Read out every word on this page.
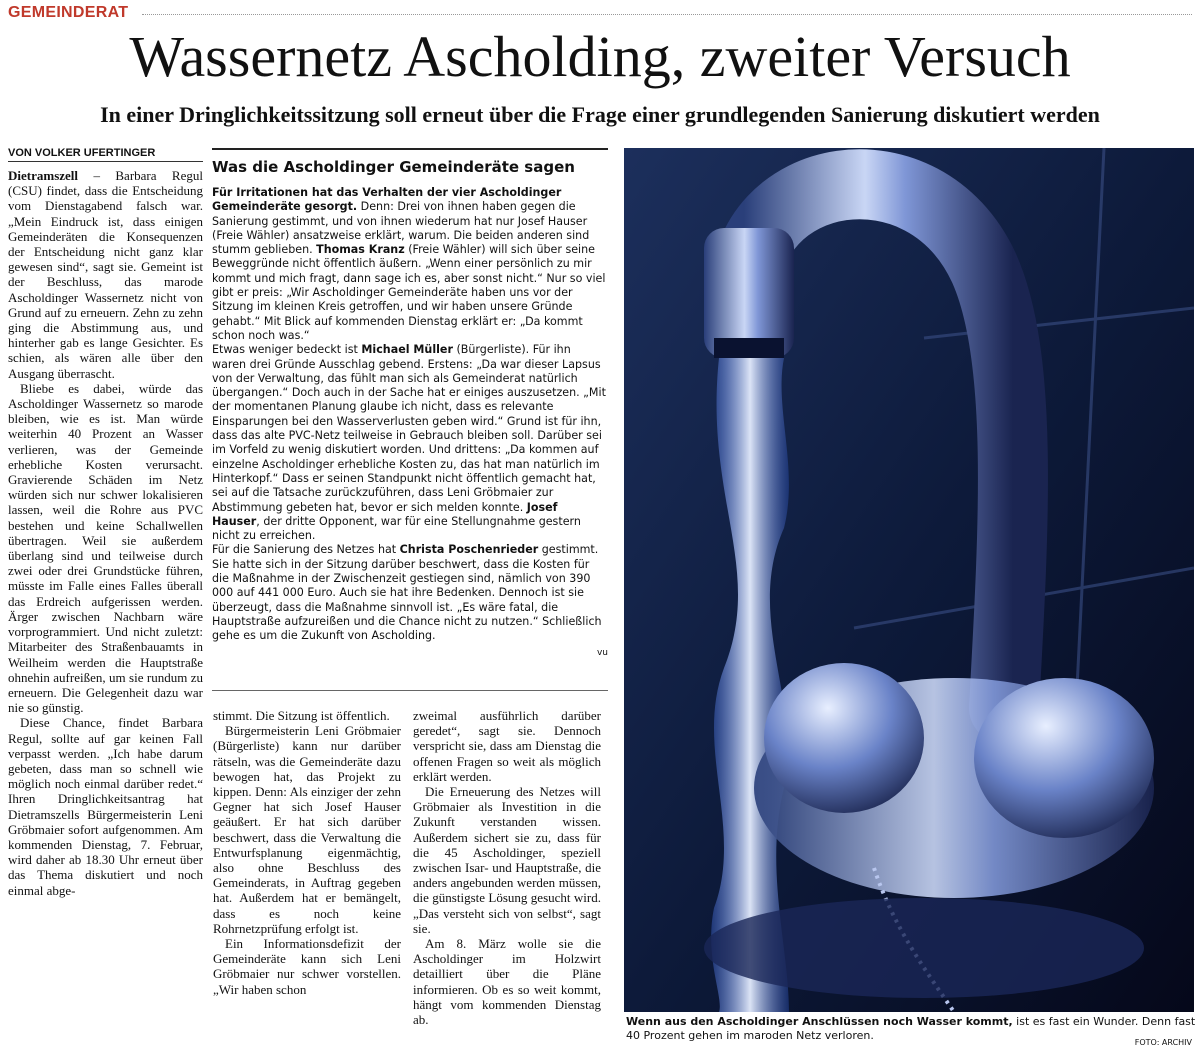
GEMEINDERAT
Wassernetz Ascholding, zweiter Versuch
In einer Dringlichkeitssitzung soll erneut über die Frage einer grundlegenden Sanierung diskutiert werden
VON VOLKER UFERTINGER

Dietramszell – Barbara Regul (CSU) findet, dass die Entscheidung vom Dienstagabend falsch war. „Mein Eindruck ist, dass einigen Gemeinderäten die Konsequenzen der Entscheidung nicht ganz klar gewesen sind“, sagt sie. Gemeint ist der Beschluss, das marode Ascholdinger Wassernetz nicht von Grund auf zu erneuern. Zehn zu zehn ging die Abstimmung aus, und hinterher gab es lange Gesichter. Es schien, als wären alle über den Ausgang überrascht.

Bliebe es dabei, würde das Ascholdinger Wassernetz so marode bleiben, wie es ist. Man würde weiterhin 40 Prozent an Wasser verlieren, was der Gemeinde erhebliche Kosten verursacht. Gravierende Schäden im Netz würden sich nur schwer lokalisieren lassen, weil die Rohre aus PVC bestehen und keine Schallwellen übertragen. Weil sie außerdem überlang sind und teilweise durch zwei oder drei Grundstücke führen, müsste im Falle eines Falles überall das Erdreich aufgerissen werden. Ärger zwischen Nachbarn wäre vorprogrammiert. Und nicht zuletzt: Mitarbeiter des Straßenbauamts in Weilheim werden die Hauptstraße ohnehin aufreißen, um sie rundum zu erneuern. Die Gelegenheit dazu war nie so günstig.

Diese Chance, findet Barbara Regul, sollte auf gar keinen Fall verpasst werden. „Ich habe darum gebeten, dass man so schnell wie möglich noch einmal darüber redet.“ Ihren Dringlichkeitsantrag hat Dietramszells Bürgermeisterin Leni Gröbmaier sofort aufgenommen. Am kommenden Dienstag, 7. Februar, wird daher ab 18.30 Uhr erneut über das Thema diskutiert und noch einmal abge-

Was die Ascholdinger Gemeinderäte sagen

Für Irritationen hat das Verhalten der vier Ascholdinger Gemeinderäte gesorgt. Denn: Drei von ihnen haben gegen die Sanierung gestimmt, und von ihnen wiederum hat nur Josef Hauser (Freie Wähler) ansatzweise erklärt, warum. Die beiden anderen sind stumm geblieben. Thomas Kranz (Freie Wähler) will sich über seine Beweggründe nicht öffentlich äußern. „Wenn einer persönlich zu mir kommt und mich fragt, dann sage ich es, aber sonst nicht.“ Nur so viel gibt er preis: „Wir Ascholdinger Gemeinderäte haben uns vor der Sitzung im kleinen Kreis getroffen, und wir haben unsere Gründe gehabt.“ Mit Blick auf kommenden Dienstag erklärt er: „Da kommt schon noch was.“

Etwas weniger bedeckt ist Michael Müller (Bürgerliste). Für ihn waren drei Gründe Ausschlag gebend. Erstens: „Da war dieser Lapsus von der Verwaltung, das fühlt man sich als Gemeinderat natürlich übergangen.“ Doch auch in der Sache hat er einiges auszusetzen. „Mit der momentanen Planung glaube ich nicht, dass es relevante Einsparungen bei den Wasserverlusten geben wird.“ Grund ist für ihn, dass das alte PVC-Netz teilweise in Gebrauch bleiben soll. Darüber sei im Vorfeld zu wenig diskutiert worden. Und drittens: „Da kommen auf einzelne Ascholdinger erhebliche Kosten zu, das hat man natürlich im Hinterkopf.“ Dass er seinen Standpunkt nicht öffentlich gemacht hat, sei auf die Tatsache zurückzuführen, dass Leni Gröbmaier zur Abstimmung gebeten hat, bevor er sich melden konnte. Josef Hauser, der dritte Opponent, war für eine Stellungnahme gestern nicht zu erreichen.

Für die Sanierung des Netzes hat Christa Poschenrieder gestimmt. Sie hatte sich in der Sitzung darüber beschwert, dass die Kosten für die Maßnahme in der Zwischenzeit gestiegen sind, nämlich von 390 000 auf 441 000 Euro. Auch sie hat ihre Bedenken. Dennoch ist sie überzeugt, dass die Maßnahme sinnvoll ist. „Es wäre fatal, die Hauptstraße aufzureißen und die Chance nicht zu nutzen.“ Schließlich gehe es um die Zukunft von Ascholding.

vu

stimmt. Die Sitzung ist öffentlich.

Bürgermeisterin Leni Gröbmaier (Bürgerliste) kann nur darüber rätseln, was die Gemeinderäte dazu bewogen hat, das Projekt zu kippen. Denn: Als einziger der zehn Gegner hat sich Josef Hauser geäußert. Er hat sich darüber beschwert, dass die Verwaltung die Entwurfsplanung eigenmächtig, also ohne Beschluss des Gemeinderats, in Auftrag gegeben hat. Außerdem hat er bemängelt, dass es noch keine Rohrnetzprüfung erfolgt ist.

Ein Informationsdefizit der Gemeinderäte kann sich Leni Gröbmaier nur schwer vorstellen. „Wir haben schon

zweimal ausführlich darüber geredet“, sagt sie. Dennoch verspricht sie, dass am Dienstag die offenen Fragen so weit als möglich erklärt werden.

Die Erneuerung des Netzes will Gröbmaier als Investition in die Zukunft verstanden wissen. Außerdem sichert sie zu, dass für die 45 Ascholdinger, speziell zwischen Isar- und Hauptstraße, die anders angebunden werden müssen, die günstigste Lösung gesucht wird. „Das versteht sich von selbst“, sagt sie.

Am 8. März wolle sie die Ascholdinger im Holzwirt detailliert über die Pläne informieren. Ob es so weit kommt, hängt vom kommenden Dienstag ab.	Wenn aus den Ascholdinger Anschlüssen noch Wasser kommt, ist es fast ein Wunder. Denn fast 40 Prozent gehen im maroden Netz verloren.
FOTO: ARCHIV
